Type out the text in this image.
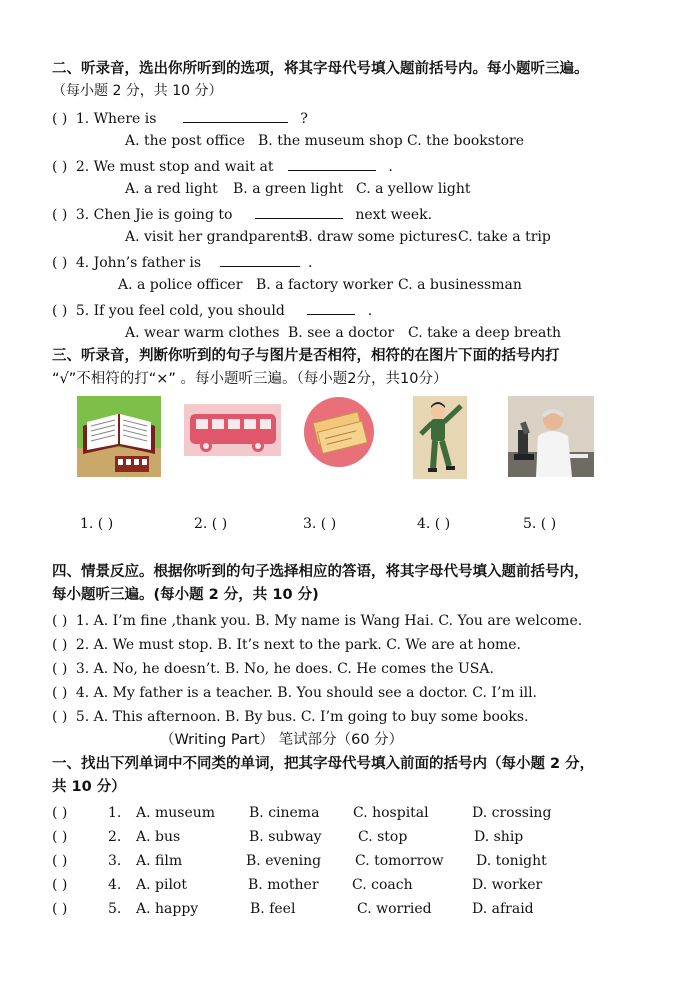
二、听录音，选出你所听到的选项，将其字母代号填入题前括号内。每小题听三遍。
（每小题 2 分，共 10 分）
( ) 1. Where is	?
A. the post office B. the museum shop C. the bookstore
( ) 2. We must stop and wait at	.
A. a red light B. a green light C. a yellow light
( ) 3. Chen Jie is going to	next week.
A. visit her grandparents
B. draw some pictures C. take a trip
( ) 4. John’s father is	.
A. a police officer B. a factory worker C. a businessman
( ) 5. If you feel cold, you should	.
A. wear warm clothes B. see a doctor C. take a deep breath
三、听录音，判断你听到的句子与图片是否相符，相符的在图片下面的括号内打
“√”不相符的打“×” 。每小题听三遍。（每小题2分，共10分）
1. ( )	2. ( )	3. ( )	4. ( )	5. ( )
四、情景反应。根据你听到的句子选择相应的答语，将其字母代号填入题前括号内，
每小题听三遍。(每小题 2 分，共 10 分)
( ) 1. A. I’m fine ,thank you. B. My name is Wang Hai. C. You are welcome.
( ) 2. A. We must stop. B. It’s next to the park. C. We are at home.
( ) 3. A. No, he doesn’t. B. No, he does. C. He comes the USA.
( ) 4. A. My father is a teacher. B. You should see a doctor. C. I’m ill.
( ) 5. A. This afternoon. B. By bus. C. I’m going to buy some books.
（Writing Part） 笔试部分（60 分）
一、找出下列单词中不同类的单词，把其字母代号填入前面的括号内（每小题 2 分，
共 10 分）
( )	1. A. museum B. cinema C. hospital	D. crossing
( )	2. A. bus	B. subway	C. stop	D. ship
( )	3. A. film	B. evening C. tomorrow D. tonight
( )	4. A. pilot	B. mother C. coach	D. worker
( )	5. A. happy	B. feel	C. worried	D. afraid
